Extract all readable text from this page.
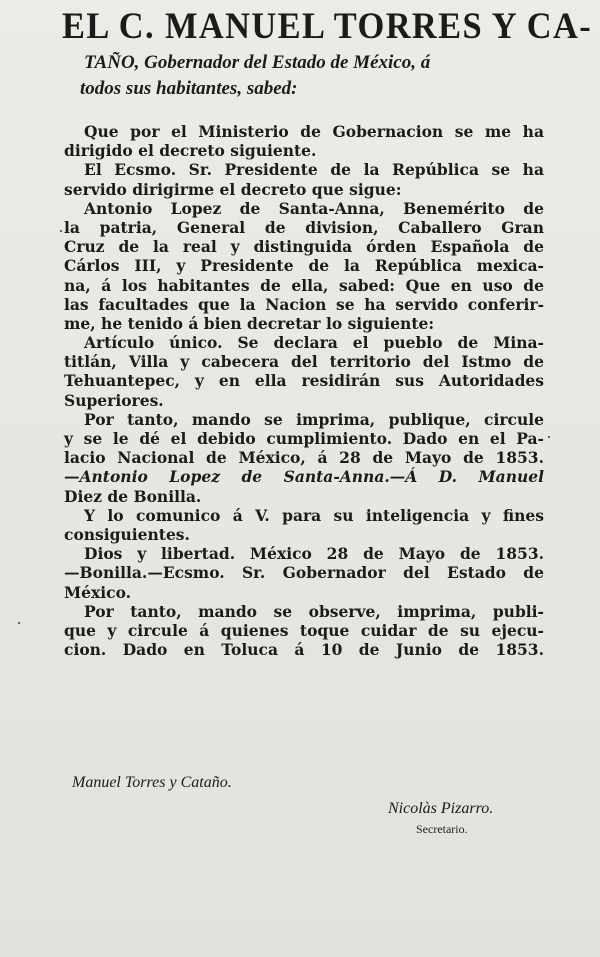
EL C. MANUEL TORRES Y CA-
TAÑO, Gobernador del Estado de México, á
todos sus habitantes, sabed:
Que por el Ministerio de Gobernacion se me ha
dirigido el decreto siguiente.
El Ecsmo. Sr. Presidente de la República se ha
servido dirigirme el decreto que sigue:
Antonio Lopez de Santa-Anna, Benemérito de
la patria, General de division, Caballero Gran
Cruz de la real y distinguida órden Española de
Cárlos III, y Presidente de la República mexica-
na, á los habitantes de ella, sabed: Que en uso de
las facultades que la Nacion se ha servido conferir-
me, he tenido á bien decretar lo siguiente:
Artículo único. Se declara el pueblo de Mina-
titlán, Villa y cabecera del territorio del Istmo de
Tehuantepec, y en ella residirán sus Autoridades
Superiores.
Por tanto, mando se imprima, publique, circule
y se le dé el debido cumplimiento. Dado en el Pa-
lacio Nacional de México, á 28 de Mayo de 1853.
—Antonio Lopez de Santa-Anna.—Á D. Manuel
Diez de Bonilla.
Y lo comunico á V. para su inteligencia y fines
consiguientes.
Dios y libertad. México 28 de Mayo de 1853.
—Bonilla.—Ecsmo. Sr. Gobernador del Estado de
México.
Por tanto, mando se observe, imprima, publi-
que y circule á quienes toque cuidar de su ejecu-
cion. Dado en Toluca á 10 de Junio de 1853.
Manuel Torres y Cataño.
Nicolàs Pizarro.
Secretario.
